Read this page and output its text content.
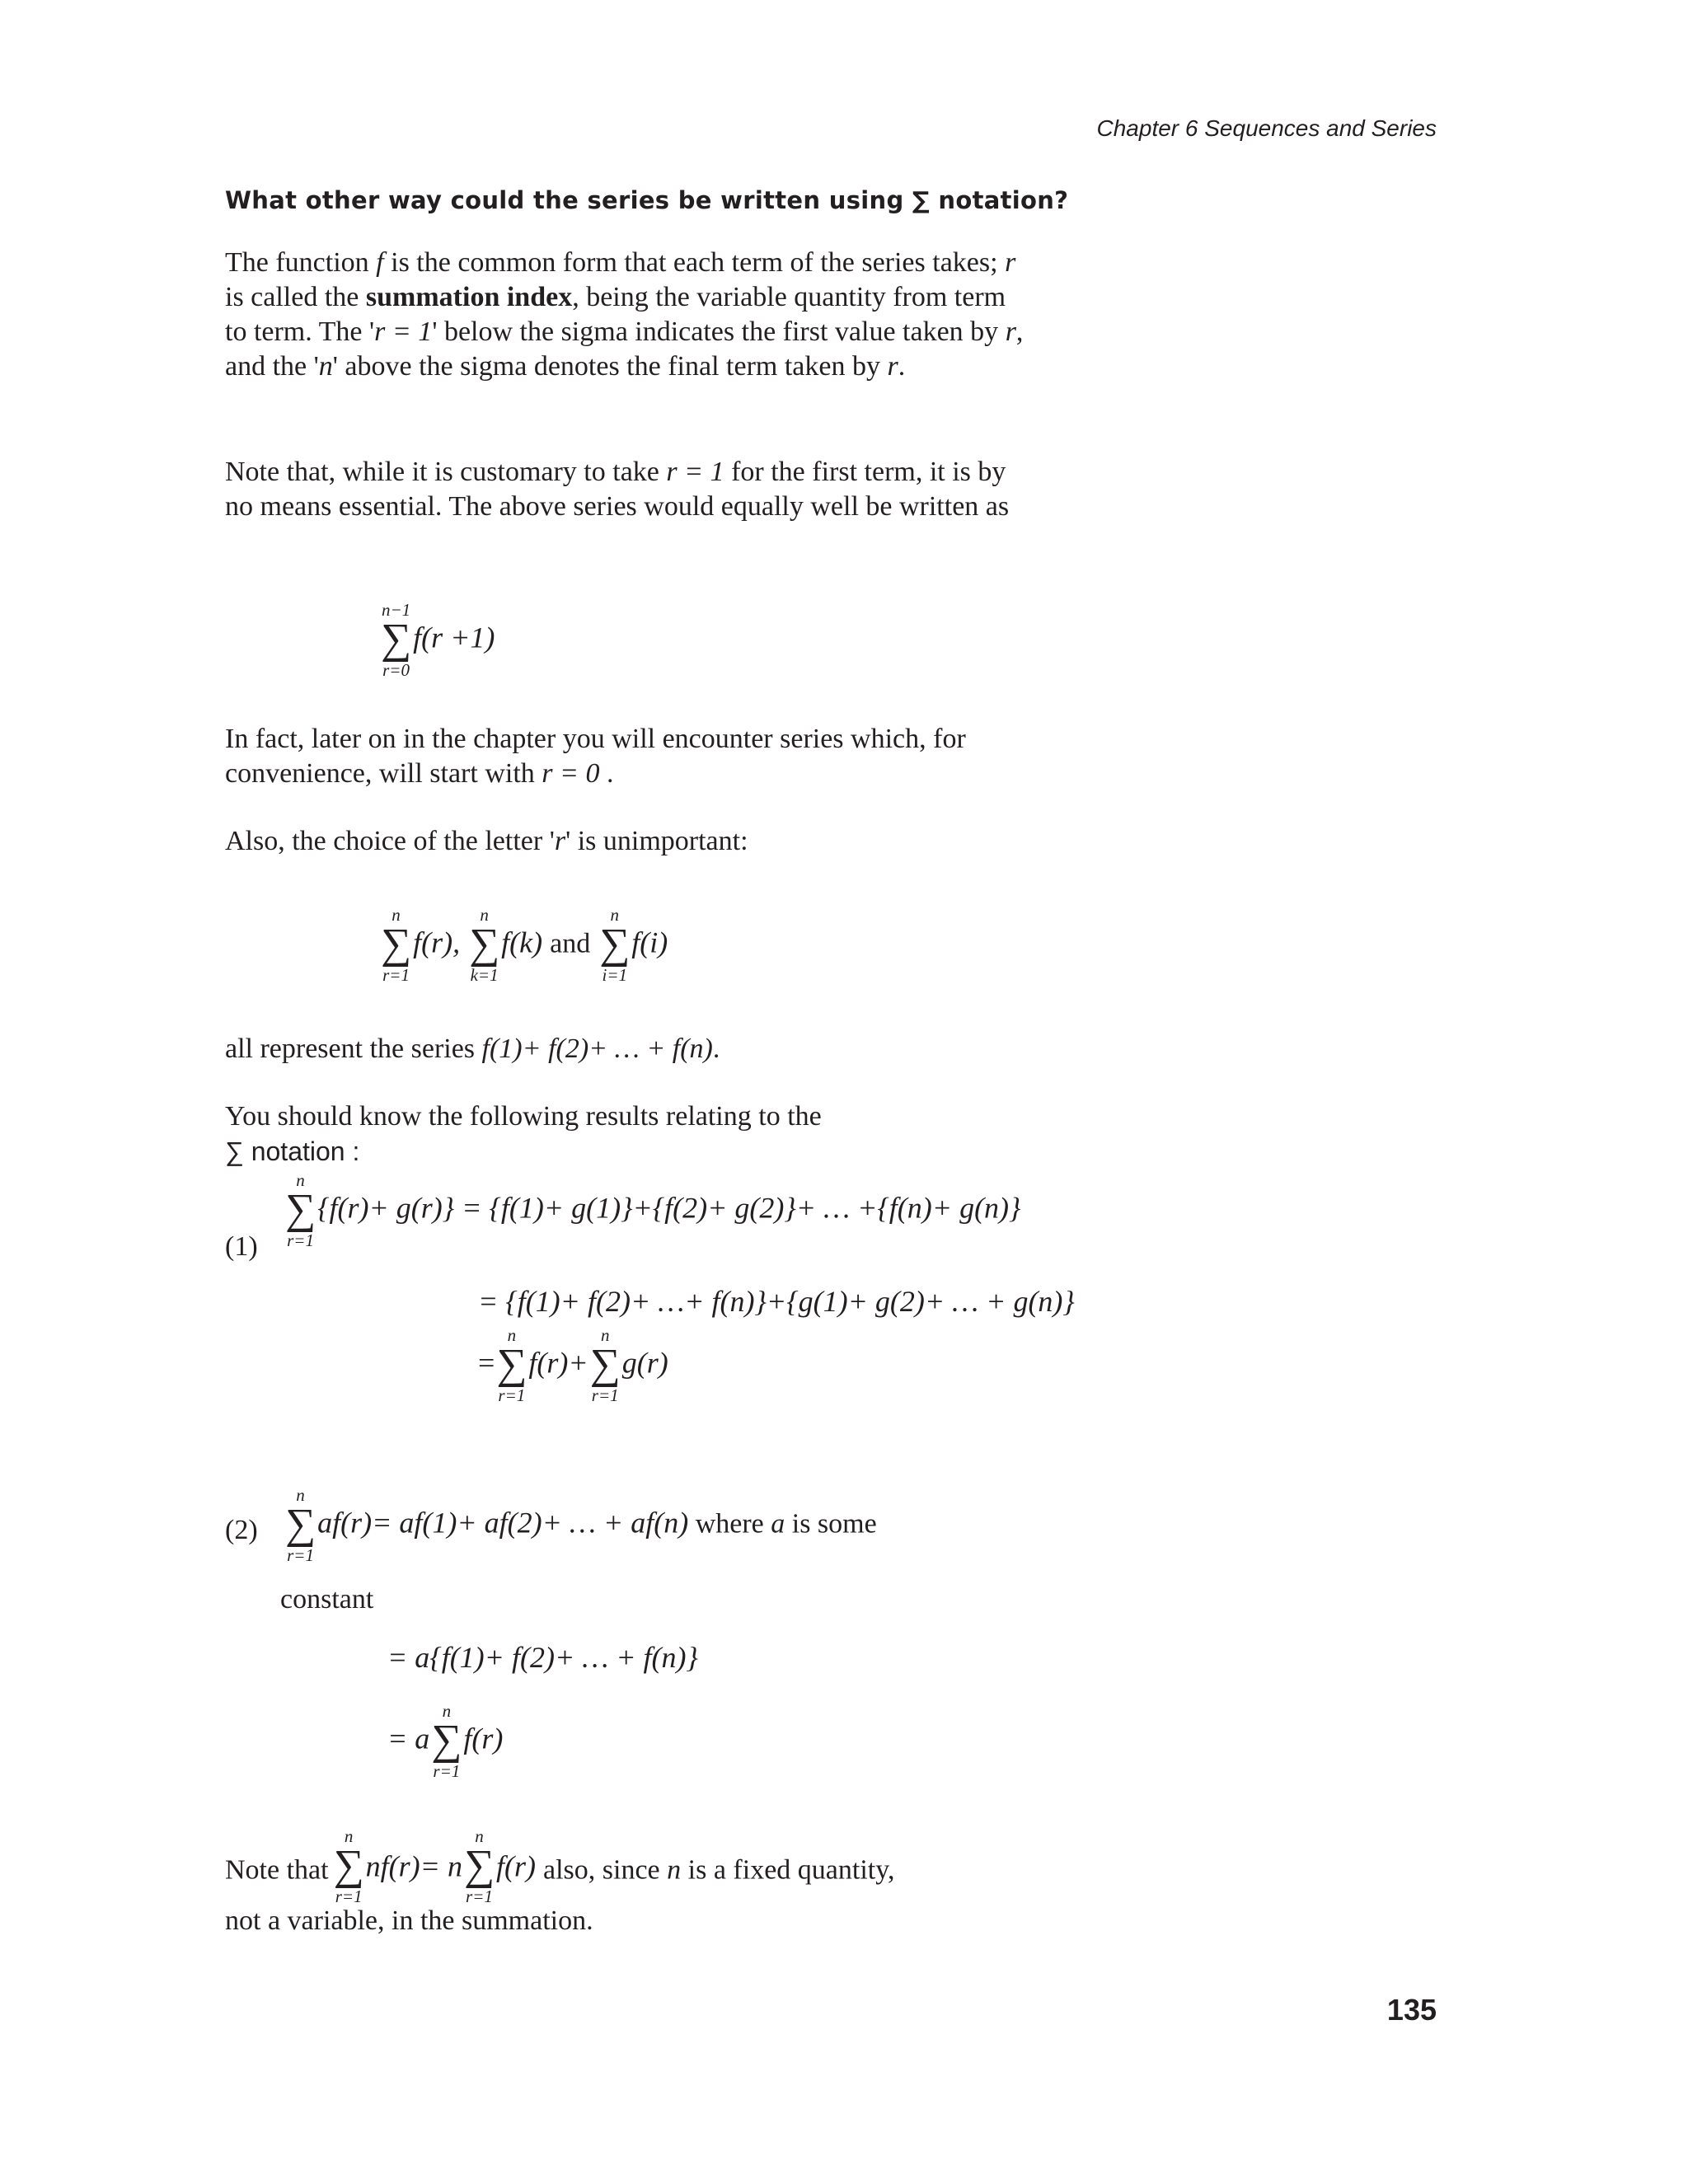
Chapter 6 Sequences and Series
What other way could the series be written using ∑ notation?
The function f is the common form that each term of the series takes; r is called the summation index, being the variable quantity from term to term. The 'r = 1' below the sigma indicates the first value taken by r, and the 'n' above the sigma denotes the final term taken by r.
Note that, while it is customary to take r = 1 for the first term, it is by no means essential. The above series would equally well be written as
n−1
∑
r=0
f(r +1)
In fact, later on in the chapter you will encounter series which, for convenience, will start with r = 0 .
Also, the choice of the letter 'r' is unimportant:
n
∑
r=1
f(r),
n
∑
k=1
f(k) and
n
∑
i=1
f(i)
all represent the series f(1)+ f(2)+ … + f(n).

You should know the following results relating to the

∑ notation :

(1)
n
∑
r=1
{f(r)+ g(r)} = {f(1)+ g(1)}+{f(2)+ g(2)}+ … +{f(n)+ g(n)}
= {f(1)+ f(2)+ …+ f(n)}+{g(1)+ g(2)+ … + g(n)}
=
n
∑
r=1
f(r)+
n
∑
r=1
g(r)
(2)
n
∑
r=1
af(r)= af(1)+ af(2)+ … + af(n) where a is some
constant
= a{f(1)+ f(2)+ … + f(n)}
= a
n
∑
r=1
f(r)
Note that
n
∑
r=1
nf(r)= n
n
∑
r=1
f(r) also, since n is a fixed quantity,
not a variable, in the summation.
135
